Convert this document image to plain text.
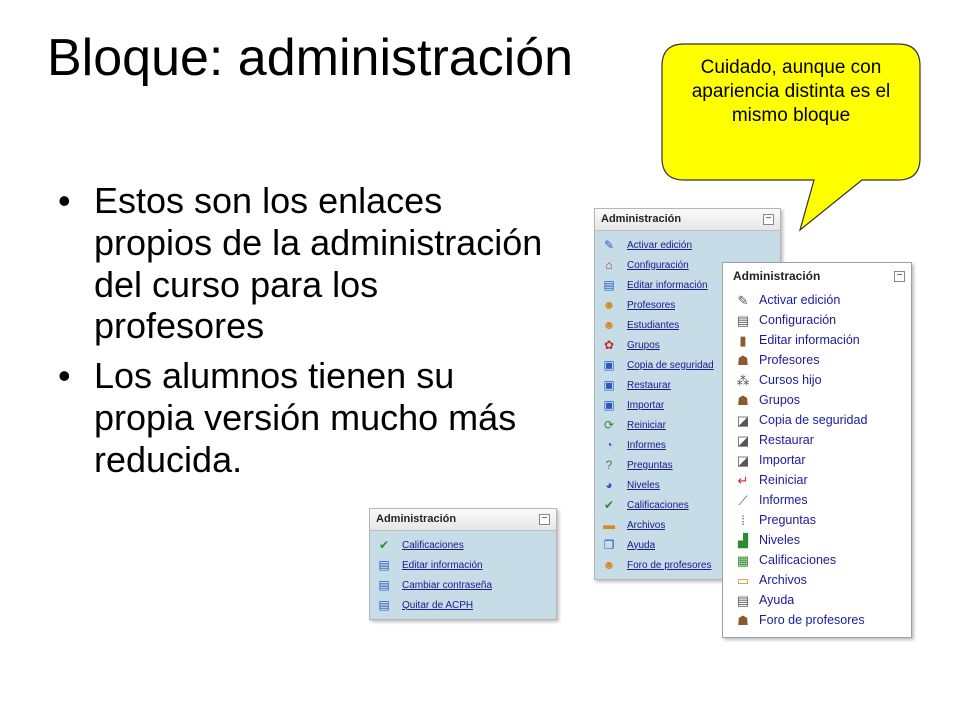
Bloque: administración
• Estos son los enlaces propios de la administración del curso para los profesores
• Los alumnos tienen su propia versión mucho más reducida.
Cuidado, aunque con apariencia distinta es el mismo bloque
Administración	−
✎ Activar edición
⌂	Configuración
▤ Editar información
☻ Profesores
☻ Estudiantes
✿ Grupos
▣ Copia de seguridad
▣ Restaurar
▣ Importar
⟳ Reiniciar
◔	Informes
?	Preguntas
◕	Niveles
✔ Calificaciones
▬ Archivos
❐ Ayuda
☻ Foro de profesores
Administración	−
✎ Activar edición
▤ Configuración
▮ Editar información
☗ Profesores
⁂ Cursos hijo
☗ Grupos
◪ Copia de seguridad
◪ Restaurar
◪ Importar
↵ Reiniciar
⟋ Informes
⁞	Preguntas
▟ Niveles
▦ Calificaciones
▭ Archivos
▤ Ayuda
☗ Foro de profesores
Administración	−
✔ Calificaciones
▤ Editar información
▤ Cambiar contraseña
▤ Quitar de ACPH
